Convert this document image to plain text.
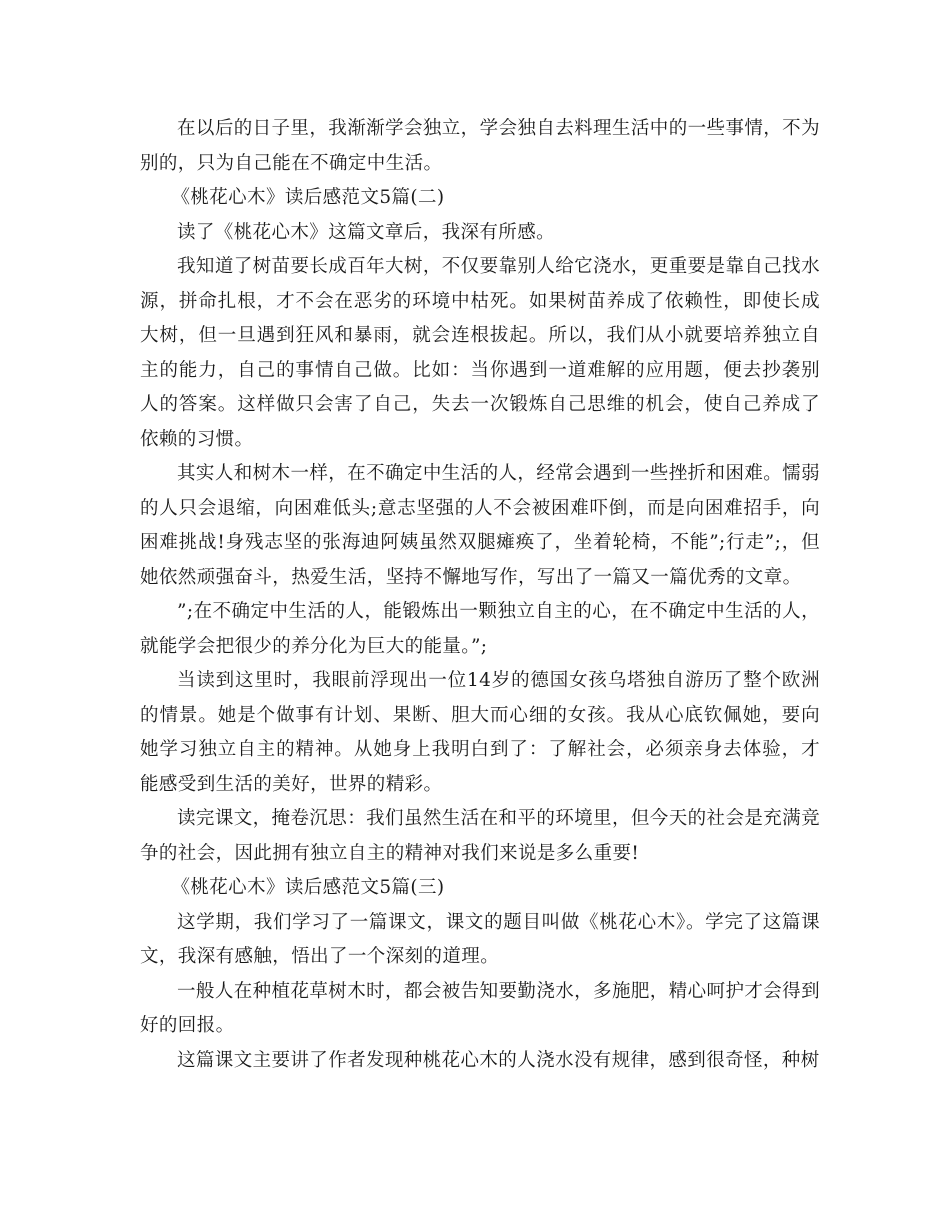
在以后的日子里，我渐渐学会独立，学会独自去料理生活中的一些事情，不为别的，只为自己能在不确定中生活。

《桃花心木》读后感范文5篇(二)

读了《桃花心木》这篇文章后，我深有所感。

我知道了树苗要长成百年大树，不仅要靠别人给它浇水，更重要是靠自己找水源，拼命扎根，才不会在恶劣的环境中枯死。如果树苗养成了依赖性，即使长成大树，但一旦遇到狂风和暴雨，就会连根拔起。所以，我们从小就要培养独立自主的能力，自己的事情自己做。比如：当你遇到一道难解的应用题，便去抄袭别人的答案。这样做只会害了自己，失去一次锻炼自己思维的机会，使自己养成了依赖的习惯。

其实人和树木一样，在不确定中生活的人，经常会遇到一些挫折和困难。懦弱的人只会退缩，向困难低头;意志坚强的人不会被困难吓倒，而是向困难招手，向困难挑战!身残志坚的张海迪阿姨虽然双腿瘫痪了，坐着轮椅，不能”;行走”;，但她依然顽强奋斗，热爱生活，坚持不懈地写作，写出了一篇又一篇优秀的文章。

”;在不确定中生活的人，能锻炼出一颗独立自主的心，在不确定中生活的人，就能学会把很少的养分化为巨大的能量。”;

当读到这里时，我眼前浮现出一位14岁的德国女孩乌塔独自游历了整个欧洲的情景。她是个做事有计划、果断、胆大而心细的女孩。我从心底钦佩她，要向她学习独立自主的精神。从她身上我明白到了：了解社会，必须亲身去体验，才能感受到生活的美好，世界的精彩。

读完课文，掩卷沉思：我们虽然生活在和平的环境里，但今天的社会是充满竞争的社会，因此拥有独立自主的精神对我们来说是多么重要!

《桃花心木》读后感范文5篇(三)

这学期，我们学习了一篇课文，课文的题目叫做《桃花心木》。学完了这篇课文，我深有感触，悟出了一个深刻的道理。

一般人在种植花草树木时，都会被告知要勤浇水，多施肥，精心呵护才会得到好的回报。

这篇课文主要讲了作者发现种桃花心木的人浇水没有规律，感到很奇怪，种树
